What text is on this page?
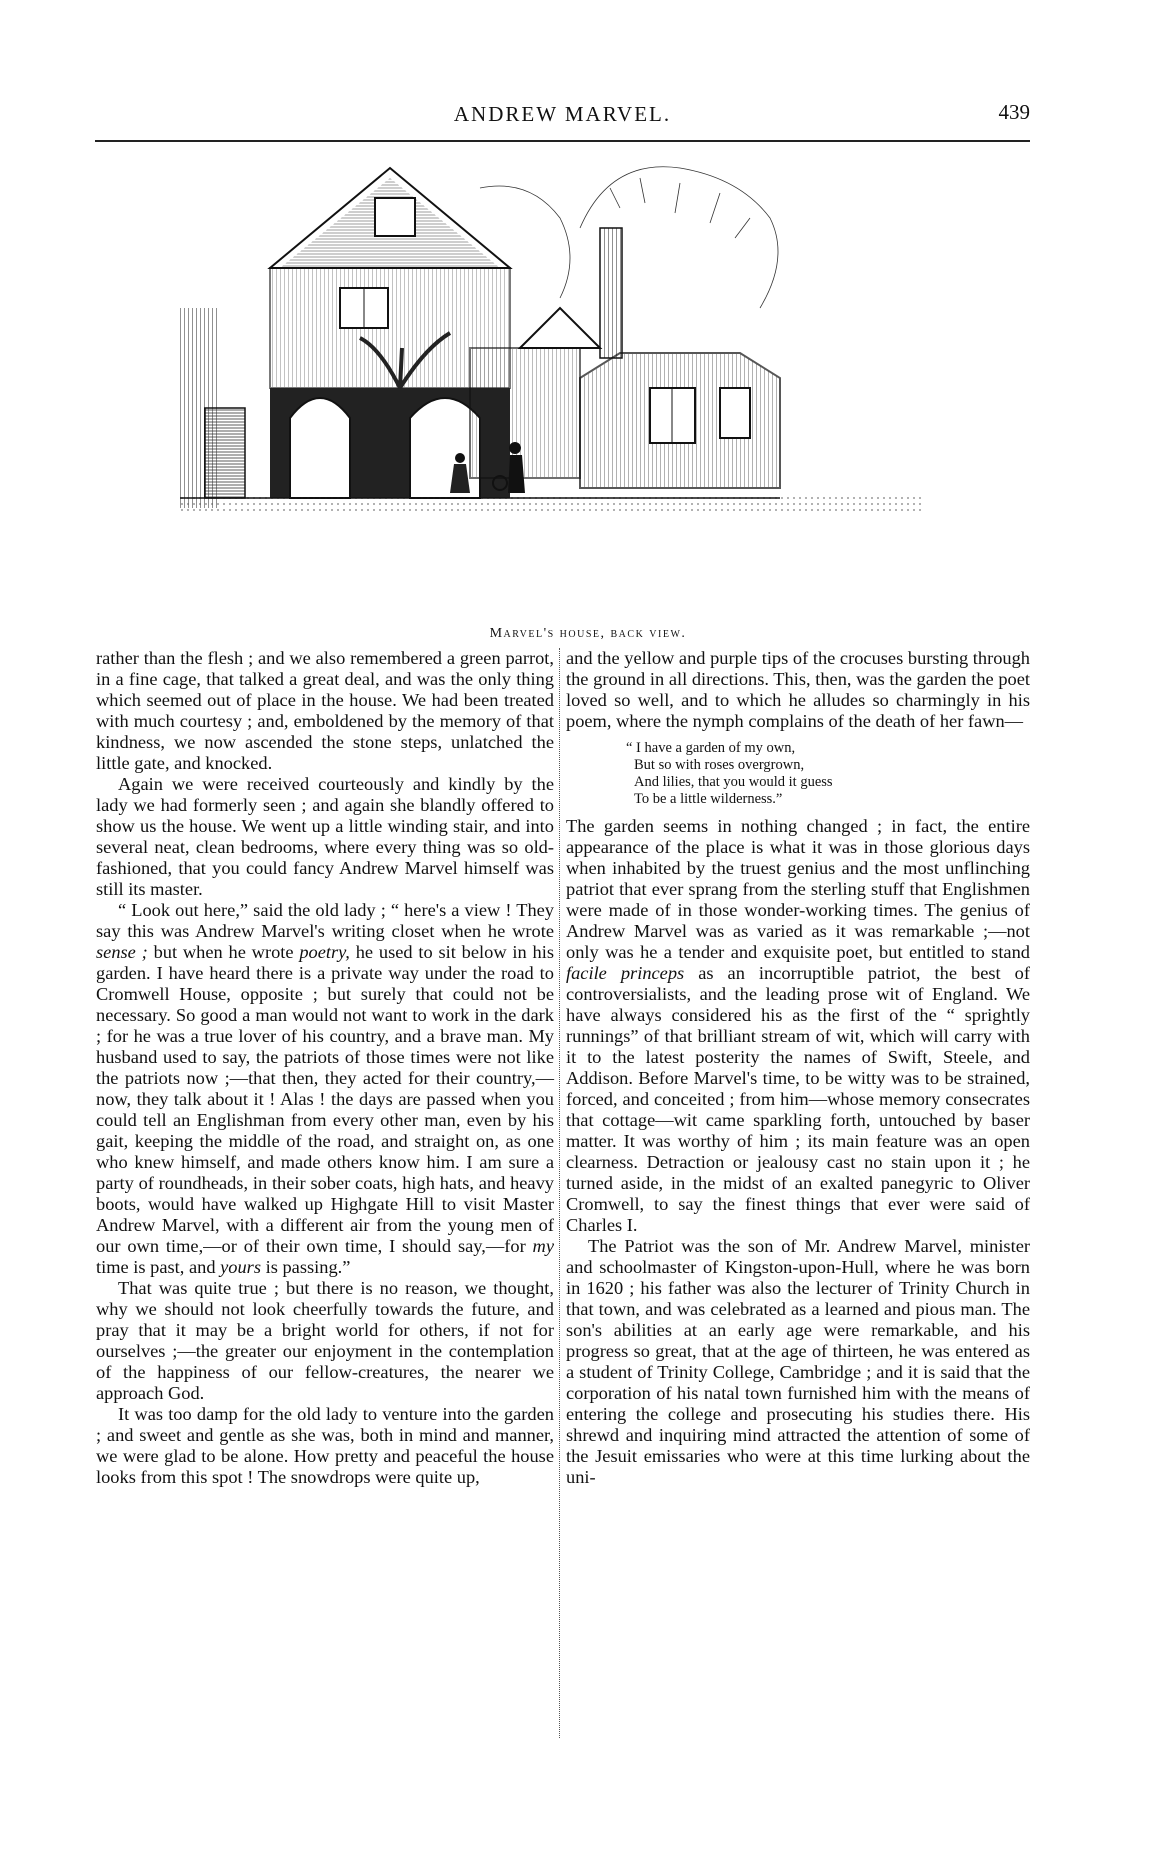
ANDREW MARVEL.	439
Marvel's house, back view.

rather than the flesh ; and we also remembered a green parrot, in a fine cage, that talked a great deal, and was the only thing which seemed out of place in the house. We had been treated with much courtesy ; and, emboldened by the memory of that kindness, we now ascended the stone steps, unlatched the little gate, and knocked.

Again we were received courteously and kindly by the lady we had formerly seen ; and again she blandly offered to show us the house. We went up a little winding stair, and into several neat, clean bedrooms, where every thing was so old-fashioned, that you could fancy Andrew Marvel himself was still its master.

“ Look out here,” said the old lady ; “ here's a view ! They say this was Andrew Marvel's writing closet when he wrote sense ; but when he wrote poetry, he used to sit below in his garden. I have heard there is a private way under the road to Cromwell House, opposite ; but surely that could not be necessary. So good a man would not want to work in the dark ; for he was a true lover of his country, and a brave man. My husband used to say, the patriots of those times were not like the patriots now ;—that then, they acted for their country,—now, they talk about it ! Alas ! the days are passed when you could tell an Englishman from every other man, even by his gait, keeping the middle of the road, and straight on, as one who knew himself, and made others know him. I am sure a party of roundheads, in their sober coats, high hats, and heavy boots, would have walked up Highgate Hill to visit Master Andrew Marvel, with a different air from the young men of our own time,—or of their own time, I should say,—for my time is past, and yours is passing.”

That was quite true ; but there is no reason, we thought, why we should not look cheerfully towards the future, and pray that it may be a bright world for others, if not for ourselves ;—the greater our enjoyment in the contemplation of the happiness of our fellow-creatures, the nearer we approach God.

It was too damp for the old lady to venture into the garden ; and sweet and gentle as she was, both in mind and manner, we were glad to be alone. How pretty and peaceful the house looks from this spot ! The snowdrops were quite up,

and the yellow and purple tips of the crocuses bursting through the ground in all directions. This, then, was the garden the poet loved so well, and to which he alludes so charmingly in his poem, where the nymph complains of the death of her fawn—

“ I have a garden of my own,
But so with roses overgrown,
And lilies, that you would it guess
To be a little wilderness.”

The garden seems in nothing changed ; in fact, the entire appearance of the place is what it was in those glorious days when inhabited by the truest genius and the most unflinching patriot that ever sprang from the sterling stuff that Englishmen were made of in those wonder-working times. The genius of Andrew Marvel was as varied as it was remarkable ;—not only was he a tender and exquisite poet, but entitled to stand facile princeps as an incorruptible patriot, the best of controversialists, and the leading prose wit of England. We have always considered his as the first of the “ sprightly runnings” of that brilliant stream of wit, which will carry with it to the latest posterity the names of Swift, Steele, and Addison. Before Marvel's time, to be witty was to be strained, forced, and conceited ; from him—whose memory consecrates that cottage—wit came sparkling forth, untouched by baser matter. It was worthy of him ; its main feature was an open clearness. Detraction or jealousy cast no stain upon it ; he turned aside, in the midst of an exalted panegyric to Oliver Cromwell, to say the finest things that ever were said of Charles I.

The Patriot was the son of Mr. Andrew Marvel, minister and schoolmaster of Kingston-upon-Hull, where he was born in 1620 ; his father was also the lecturer of Trinity Church in that town, and was celebrated as a learned and pious man. The son's abilities at an early age were remarkable, and his progress so great, that at the age of thirteen, he was entered as a student of Trinity College, Cambridge ; and it is said that the corporation of his natal town furnished him with the means of entering the college and prosecuting his studies there. His shrewd and inquiring mind attracted the attention of some of the Jesuit emissaries who were at this time lurking about the uni-
